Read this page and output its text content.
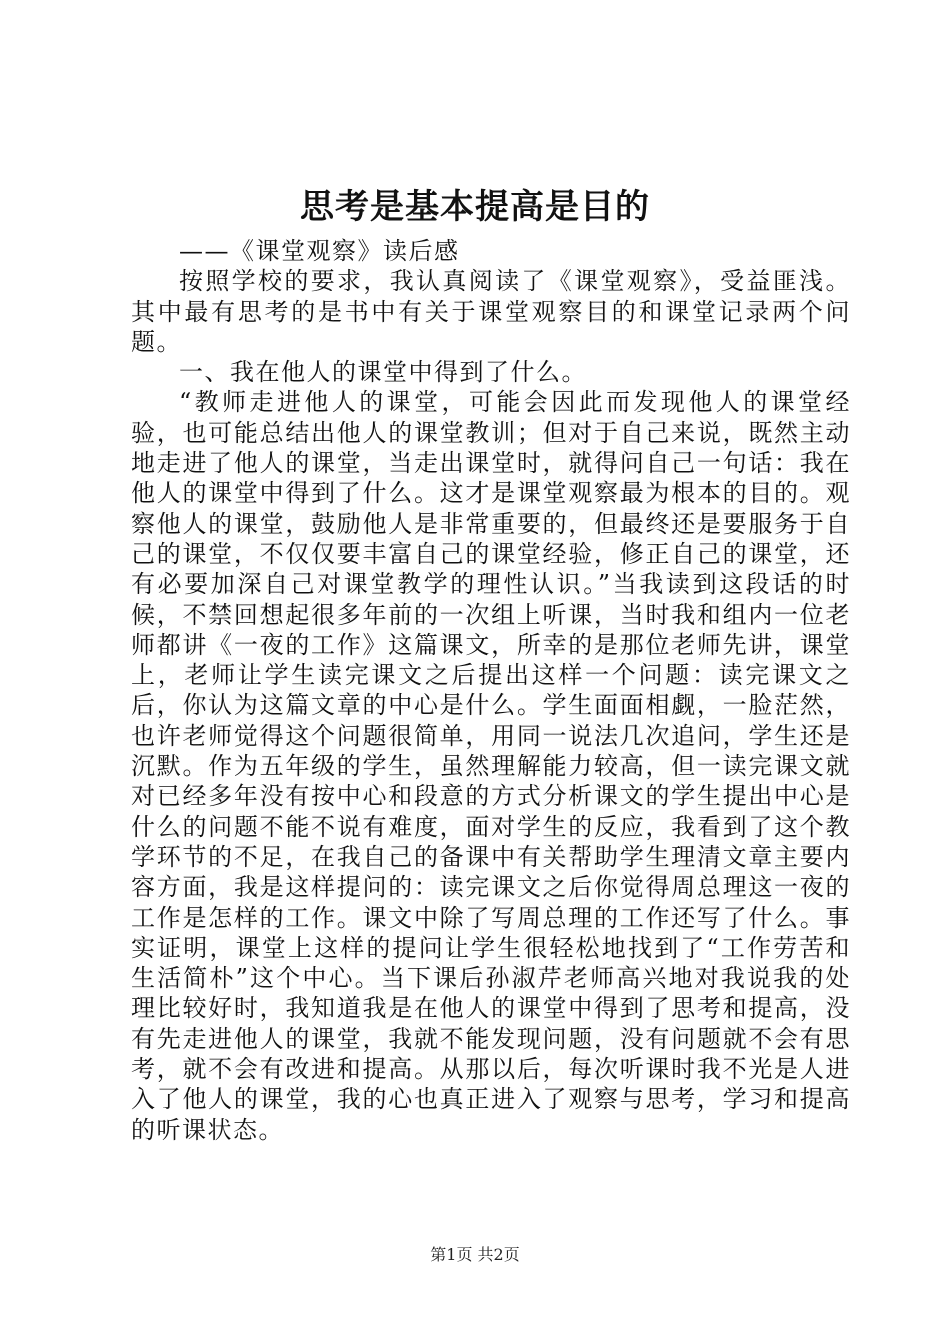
思考是基本提高是目的

——《课堂观察》读后感

按照学校的要求，我认真阅读了《课堂观察》，受益匪浅。其中最有思考的是书中有关于课堂观察目的和课堂记录两个问题。

一、我在他人的课堂中得到了什么。

“教师走进他人的课堂，可能会因此而发现他人的课堂经验，也可能总结出他人的课堂教训；但对于自己来说，既然主动地走进了他人的课堂，当走出课堂时，就得问自己一句话：我在他人的课堂中得到了什么。这才是课堂观察最为根本的目的。观察他人的课堂，鼓励他人是非常重要的，但最终还是要服务于自己的课堂，不仅仅要丰富自己的课堂经验，修正自己的课堂，还有必要加深自己对课堂教学的理性认识。”当我读到这段话的时候，不禁回想起很多年前的一次组上听课，当时我和组内一位老师都讲《一夜的工作》这篇课文，所幸的是那位老师先讲，课堂上，老师让学生读完课文之后提出这样一个问题：读完课文之后，你认为这篇文章的中心是什么。学生面面相觑，一脸茫然，也许老师觉得这个问题很简单，用同一说法几次追问，学生还是沉默。作为五年级的学生，虽然理解能力较高，但一读完课文就对已经多年没有按中心和段意的方式分析课文的学生提出中心是什么的问题不能不说有难度，面对学生的反应，我看到了这个教学环节的不足，在我自己的备课中有关帮助学生理清文章主要内容方面，我是这样提问的：读完课文之后你觉得周总理这一夜的工作是怎样的工作。课文中除了写周总理的工作还写了什么。事实证明，课堂上这样的提问让学生很轻松地找到了“工作劳苦和生活简朴”这个中心。当下课后孙淑芹老师高兴地对我说我的处理比较好时，我知道我是在他人的课堂中得到了思考和提高，没有先走进他人的课堂，我就不能发现问题，没有问题就不会有思考，就不会有改进和提高。从那以后，每次听课时我不光是人进入了他人的课堂，我的心也真正进入了观察与思考，学习和提高的听课状态。

第1页 共2页
